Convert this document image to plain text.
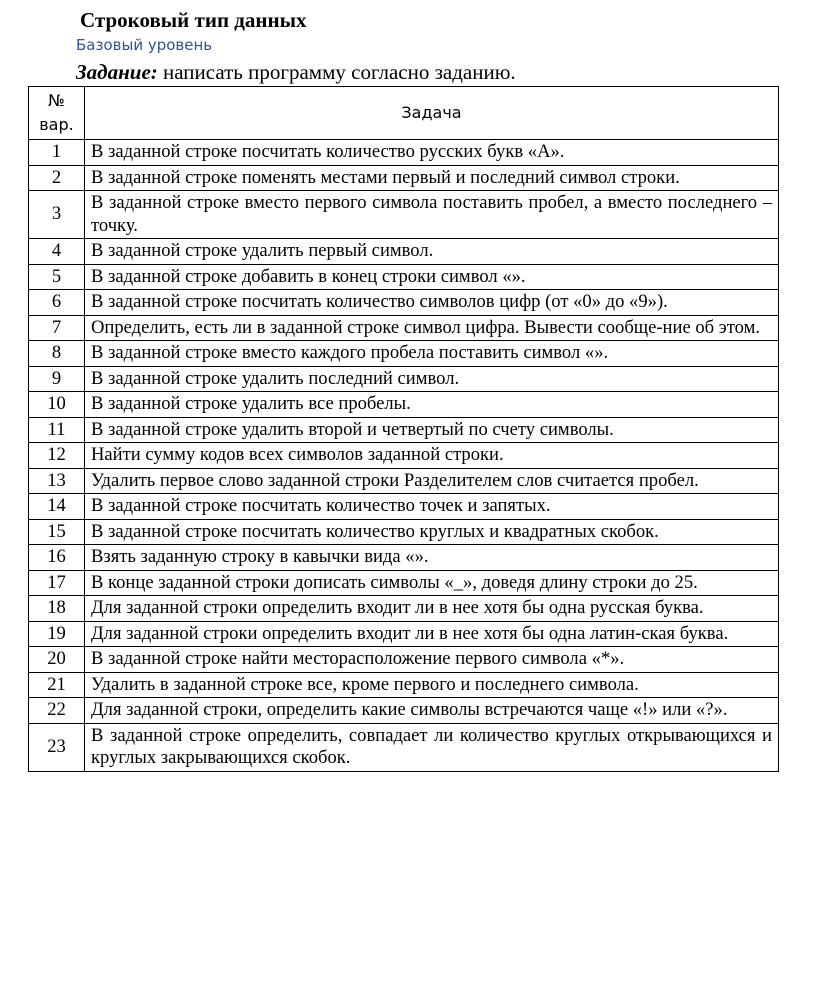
Строковый тип данных
Базовый уровень
Задание: написать программу согласно заданию.
№ вар.	Задача
1	В заданной строке посчитать количество русских букв «А».
2	В заданной строке поменять местами первый и последний символ строки.
3	В заданной строке вместо первого символа поставить пробел, а вместо последнего – точку.
4	В заданной строке удалить первый символ.
5	В заданной строке добавить в конец строки символ «».
6	В заданной строке посчитать количество символов цифр (от «0» до «9»).
7	Определить, есть ли в заданной строке символ цифра. Вывести сообще-ние об этом.
8	В заданной строке вместо каждого пробела поставить символ «».
9	В заданной строке удалить последний символ.
10	В заданной строке удалить все пробелы.
11	В заданной строке удалить второй и четвертый по счету символы.
12	Найти сумму кодов всех символов заданной строки.
13	Удалить первое слово заданной строки Разделителем слов считается пробел.
14	В заданной строке посчитать количество точек и запятых.
15	В заданной строке посчитать количество круглых и квадратных скобок.
16	Взять заданную строку в кавычки вида «».
17	В конце заданной строки дописать символы «_», доведя длину строки до 25.
18	Для заданной строки определить входит ли в нее хотя бы одна русская буква.
19	Для заданной строки определить входит ли в нее хотя бы одна латин-ская буква.
20	В заданной строке найти месторасположение первого символа «*».
21	Удалить в заданной строке все, кроме первого и последнего символа.
22	Для заданной строки, определить какие символы встречаются чаще «!» или «?».
23	В заданной строке определить, совпадает ли количество круглых открывающихся и круглых закрывающихся скобок.
